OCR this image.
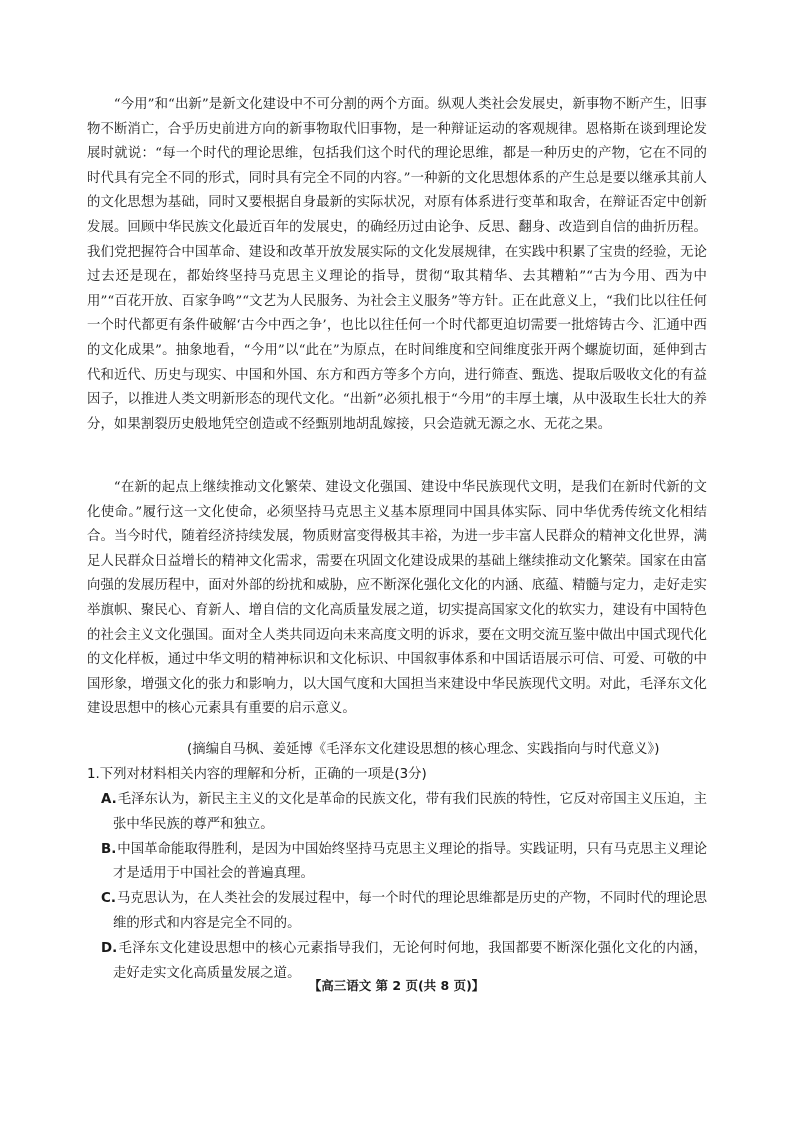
“今用”和“出新”是新文化建设中不可分割的两个方面。纵观人类社会发展史，新事物不断产生，旧事物不断消亡，合乎历史前进方向的新事物取代旧事物，是一种辩证运动的客观规律。恩格斯在谈到理论发展时就说：“每一个时代的理论思维，包括我们这个时代的理论思维，都是一种历史的产物，它在不同的时代具有完全不同的形式，同时具有完全不同的内容。”一种新的文化思想体系的产生总是要以继承其前人的文化思想为基础，同时又要根据自身最新的实际状况，对原有体系进行变革和取舍，在辩证否定中创新发展。回顾中华民族文化最近百年的发展史，的确经历过由论争、反思、翻身、改造到自信的曲折历程。我们党把握符合中国革命、建设和改革开放发展实际的文化发展规律，在实践中积累了宝贵的经验，无论过去还是现在，都始终坚持马克思主义理论的指导，贯彻“取其精华、去其糟粕”“古为今用、西为中用”“百花开放、百家争鸣”“文艺为人民服务、为社会主义服务”等方针。正在此意义上，“我们比以往任何一个时代都更有条件破解‘古今中西之争’，也比以往任何一个时代都更迫切需要一批熔铸古今、汇通中西的文化成果”。抽象地看，“今用”以“此在”为原点，在时间维度和空间维度张开两个螺旋切面，延伸到古代和近代、历史与现实、中国和外国、东方和西方等多个方向，进行筛查、甄选、提取后吸收文化的有益因子，以推进人类文明新形态的现代文化。“出新”必须扎根于“今用”的丰厚土壤，从中汲取生长壮大的养分，如果割裂历史般地凭空创造或不经甄别地胡乱嫁接，只会造就无源之水、无花之果。

“在新的起点上继续推动文化繁荣、建设文化强国、建设中华民族现代文明，是我们在新时代新的文化使命。”履行这一文化使命，必须坚持马克思主义基本原理同中国具体实际、同中华优秀传统文化相结合。当今时代，随着经济持续发展，物质财富变得极其丰裕，为进一步丰富人民群众的精神文化世界，满足人民群众日益增长的精神文化需求，需要在巩固文化建设成果的基础上继续推动文化繁荣。国家在由富向强的发展历程中，面对外部的纷扰和威胁，应不断深化强化文化的内涵、底蕴、精髓与定力，走好走实举旗帜、聚民心、育新人、增自信的文化高质量发展之道，切实提高国家文化的软实力，建设有中国特色的社会主义文化强国。面对全人类共同迈向未来高度文明的诉求，要在文明交流互鉴中做出中国式现代化的文化样板，通过中华文明的精神标识和文化标识、中国叙事体系和中国话语展示可信、可爱、可敬的中国形象，增强文化的张力和影响力，以大国气度和大国担当来建设中华民族现代文明。对此，毛泽东文化建设思想中的核心元素具有重要的启示意义。

(摘编自马枫、姜延博《毛泽东文化建设思想的核心理念、实践指向与时代意义》)

1.下列对材料相关内容的理解和分析，正确的一项是(3分)

A.毛泽东认为，新民主主义的文化是革命的民族文化，带有我们民族的特性，它反对帝国主义压迫，主张中华民族的尊严和独立。
B.中国革命能取得胜利，是因为中国始终坚持马克思主义理论的指导。实践证明，只有马克思主义理论才是适用于中国社会的普遍真理。
C.马克思认为，在人类社会的发展过程中，每一个时代的理论思维都是历史的产物，不同时代的理论思维的形式和内容是完全不同的。
D.毛泽东文化建设思想中的核心元素指导我们，无论何时何地，我国都要不断深化强化文化的内涵，走好走实文化高质量发展之道。
【高三语文 第 2 页(共 8 页)】
